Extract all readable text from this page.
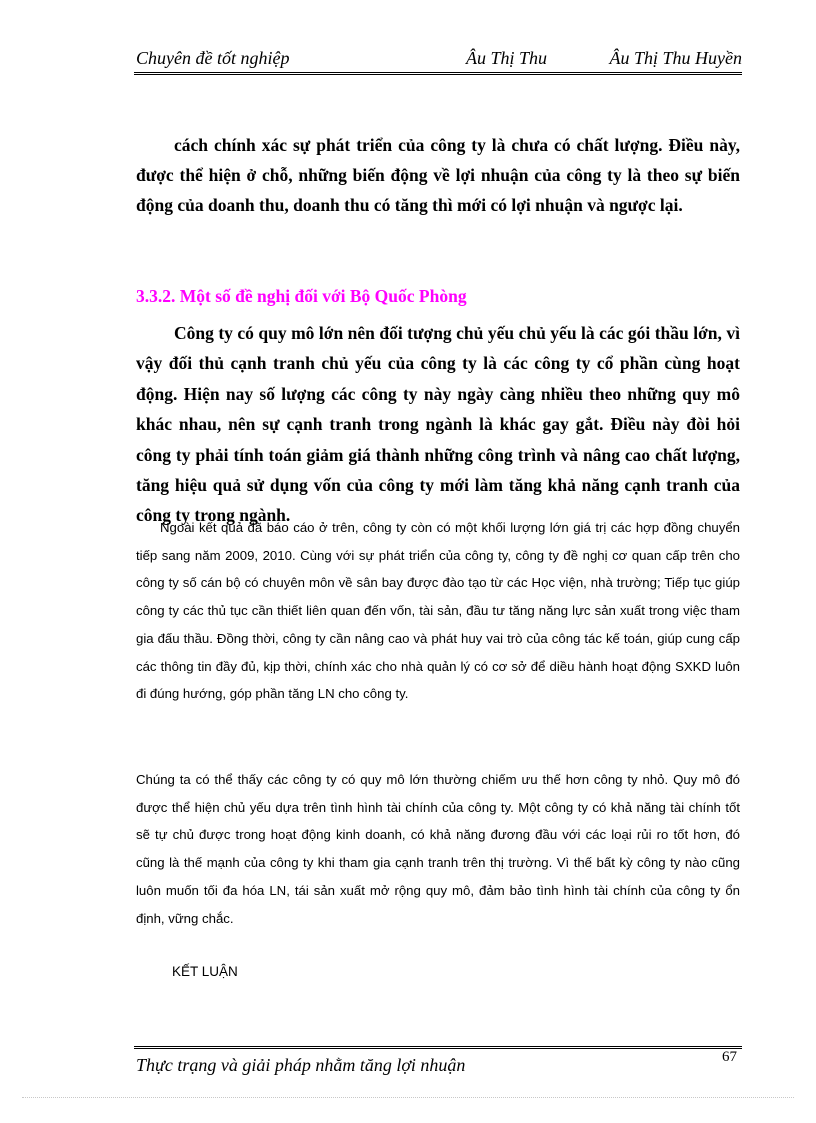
Chuyên đề tốt nghiệp	Âu Thị Thu	Âu Thị Thu Huyền

cách chính xác sự phát triển của công ty là chưa có chất lượng. Điều này, được thể hiện ở chỗ, những biến động về lợi nhuận của công ty là theo sự biến động của doanh thu, doanh thu có tăng thì mới có lợi nhuận và ngược lại.

3.3.2. Một số đề nghị đối với Bộ Quốc Phòng

Công ty có quy mô lớn nên đối tượng chủ yếu chủ yếu là các gói thầu lớn, vì vậy đối thủ cạnh tranh chủ yếu của công ty là các công ty cổ phần cùng hoạt động. Hiện nay số lượng các công ty này ngày càng nhiều theo những quy mô khác nhau, nên sự cạnh tranh trong ngành là khác gay gắt. Điều này đòi hỏi công ty phải tính toán giảm giá thành những công trình và nâng cao chất lượng, tăng hiệu quả sử dụng vốn của công ty mới làm tăng khả năng cạnh tranh của công ty trong ngành.

Ngoài kết quả đã báo cáo ở trên, công ty còn có một khối lượng lớn giá trị các hợp đồng chuyển tiếp sang năm 2009, 2010. Cùng với sự phát triển của công ty, công ty đề nghị cơ quan cấp trên cho công ty số cán bộ có chuyên môn về sân bay được đào tạo từ các Học viện, nhà trường; Tiếp tục giúp công ty các thủ tục cần thiết liên quan đến vốn, tài sản, đầu tư tăng năng lực sản xuất trong việc tham gia đấu thầu. Đồng thời, công ty cần nâng cao và phát huy vai trò của công tác kế toán, giúp cung cấp các thông tin đầy đủ, kịp thời, chính xác cho nhà quản lý có cơ sở để diều hành hoạt động SXKD luôn đi đúng hướng, góp phần tăng LN cho công ty.

Chúng ta có thể thấy các công ty có quy mô lớn thường chiếm ưu thế hơn công ty nhỏ. Quy mô đó được thể hiện chủ yếu dựa trên tình hình tài chính của công ty. Một công ty có khả năng tài chính tốt sẽ tự chủ được trong hoạt động kinh doanh, có khả năng đương đầu với các loại rủi ro tốt hơn, đó cũng là thế mạnh của công ty khi tham gia cạnh tranh trên thị trường. Vì thế bất kỳ công ty nào cũng luôn muốn tối đa hóa LN, tái sản xuất mở rộng quy mô, đảm bảo tình hình tài chính của công ty ổn định, vững chắc.

KẾT LUẬN

Thực trạng và giải pháp nhằm tăng lợi nhuận	67
